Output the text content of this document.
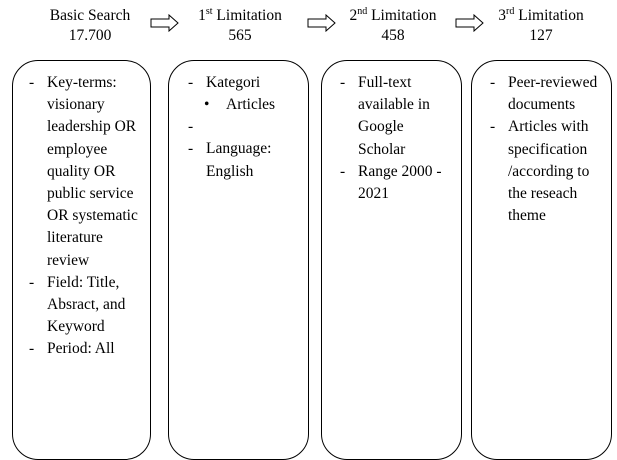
Basic Search
17.700
1st Limitation
565
2nd Limitation
458
3rd Limitation
127
- Key-terms: visionary leadership OR employee quality OR public service OR systematic literature review
- Field: Title, Absract, and Keyword
- Period: All
- Kategori
• Articles
-
- Language: English
- Full-text available in Google Scholar
- Range 2000 - 2021
- Peer-reviewed documents
- Articles with specification /according to the reseach theme
